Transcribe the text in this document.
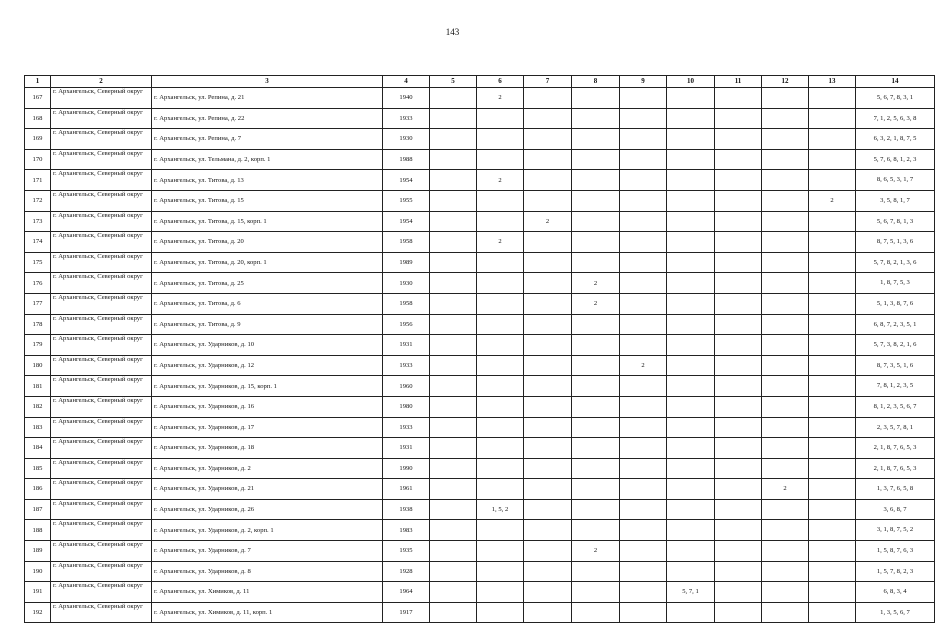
143
1	2	3	4	5	6	7	8	9	10	11	12	13	14
167	г. Архангельск, Северный округ	г. Архангельск, ул. Репина, д. 21	1940		2								5, 6, 7, 8, 3, 1
168	г. Архангельск, Северный округ	г. Архангельск, ул. Репина, д. 22	1933										7, 1, 2, 5, 6, 3, 8
169	г. Архангельск, Северный округ	г. Архангельск, ул. Репина, д. 7	1930										6, 3, 2, 1, 8, 7, 5
170	г. Архангельск, Северный округ	г. Архангельск, ул. Тельмана, д. 2, корп. 1	1988										5, 7, 6, 8, 1, 2, 3
171	г. Архангельск, Северный округ	г. Архангельск, ул. Титова, д. 13	1954		2								8, 6, 5, 3, 1, 7
172	г. Архангельск, Северный округ	г. Архангельск, ул. Титова, д. 15	1955									2	3, 5, 8, 1, 7
173	г. Архангельск, Северный округ	г. Архангельск, ул. Титова, д. 15, корп. 1	1954			2							5, 6, 7, 8, 1, 3
174	г. Архангельск, Северный округ	г. Архангельск, ул. Титова, д. 20	1958		2								8, 7, 5, 1, 3, 6
175	г. Архангельск, Северный округ	г. Архангельск, ул. Титова, д. 20, корп. 1	1989										5, 7, 8, 2, 1, 3, 6
176	г. Архангельск, Северный округ	г. Архангельск, ул. Титова, д. 25	1930				2						1, 8, 7, 5, 3
177	г. Архангельск, Северный округ	г. Архангельск, ул. Титова, д. 6	1958				2						5, 1, 3, 8, 7, 6
178	г. Архангельск, Северный округ	г. Архангельск, ул. Титова, д. 9	1956										6, 8, 7, 2, 3, 5, 1
179	г. Архангельск, Северный округ	г. Архангельск, ул. Ударников, д. 10	1931										5, 7, 3, 8, 2, 1, 6
180	г. Архангельск, Северный округ	г. Архангельск, ул. Ударников, д. 12	1933					2					8, 7, 3, 5, 1, 6
181	г. Архангельск, Северный округ	г. Архангельск, ул. Ударников, д. 15, корп. 1	1960										7, 8, 1, 2, 3, 5
182	г. Архангельск, Северный округ	г. Архангельск, ул. Ударников, д. 16	1980										8, 1, 2, 3, 5, 6, 7
183	г. Архангельск, Северный округ	г. Архангельск, ул. Ударников, д. 17	1933										2, 3, 5, 7, 8, 1
184	г. Архангельск, Северный округ	г. Архангельск, ул. Ударников, д. 18	1931										2, 1, 8, 7, 6, 5, 3
185	г. Архангельск, Северный округ	г. Архангельск, ул. Ударников, д. 2	1990										2, 1, 8, 7, 6, 5, 3
186	г. Архангельск, Северный округ	г. Архангельск, ул. Ударников, д. 21	1961								2		1, 3, 7, 6, 5, 8
187	г. Архангельск, Северный округ	г. Архангельск, ул. Ударников, д. 26	1938		1, 5, 2								3, 6, 8, 7
188	г. Архангельск, Северный округ	г. Архангельск, ул. Ударников, д. 2, корп. 1	1983										3, 1, 8, 7, 5, 2
189	г. Архангельск, Северный округ	г. Архангельск, ул. Ударников, д. 7	1935				2						1, 5, 8, 7, 6, 3
190	г. Архангельск, Северный округ	г. Архангельск, ул. Ударников, д. 8	1928										1, 5, 7, 8, 2, 3
191	г. Архангельск, Северный округ	г. Архангельск, ул. Химиков, д. 11	1964						5, 7, 1				6, 8, 3, 4
192	г. Архангельск, Северный округ	г. Архангельск, ул. Химиков, д. 11, корп. 1	1917										1, 3, 5, 6, 7
